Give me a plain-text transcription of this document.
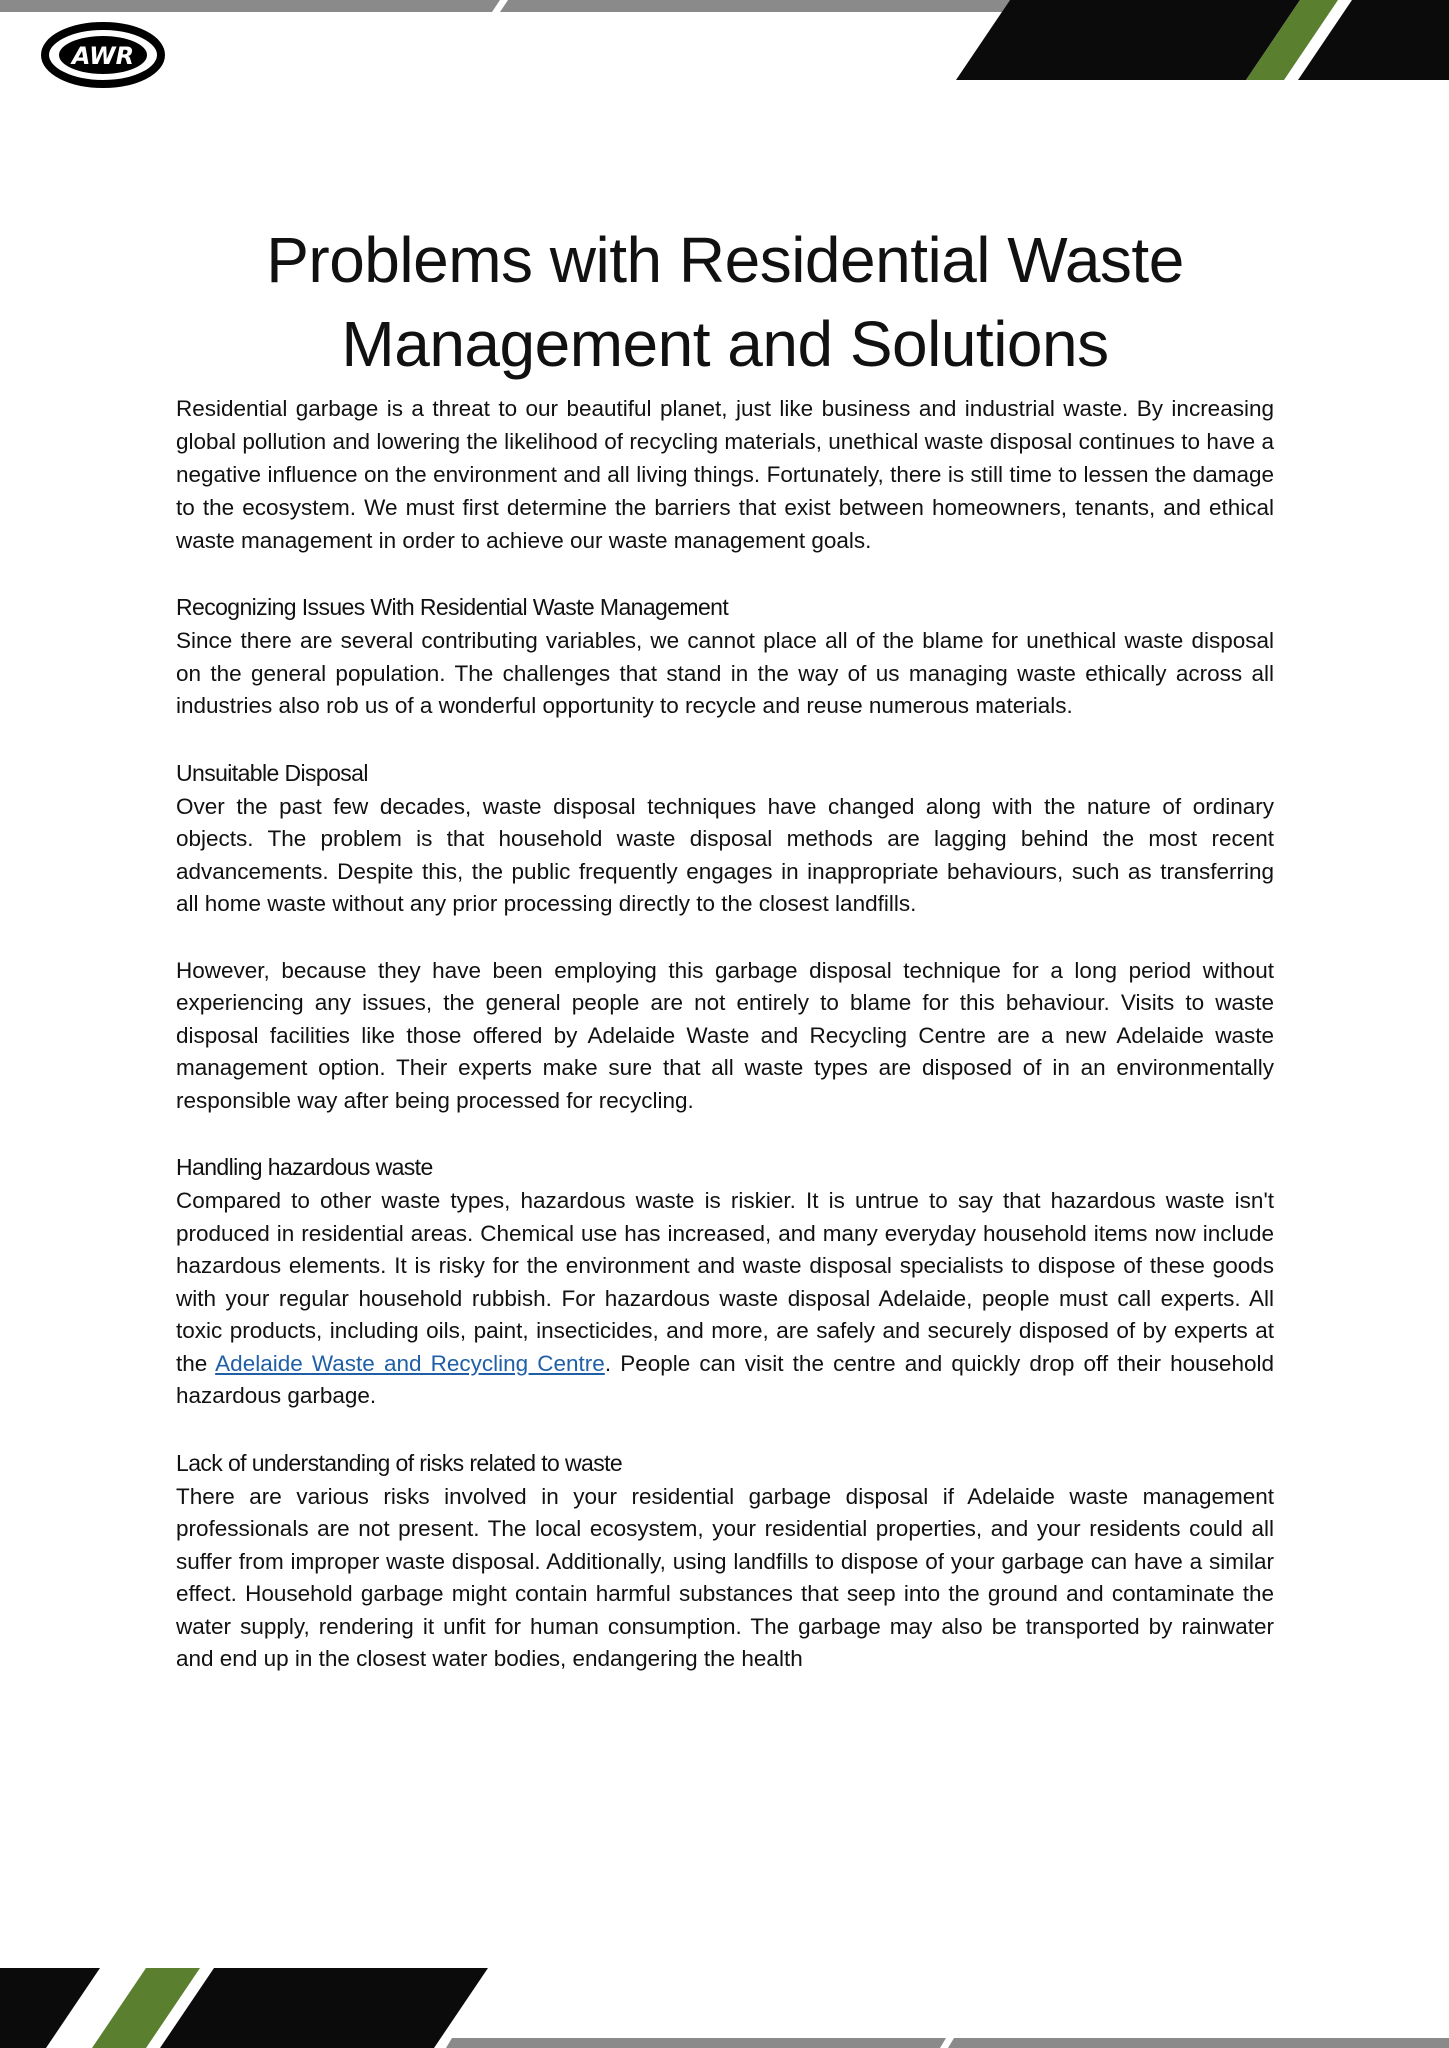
AWR
Problems with Residential Waste Management and Solutions

Residential garbage is a threat to our beautiful planet, just like business and industrial waste. By increasing global pollution and lowering the likelihood of recycling materials, unethical waste disposal continues to have a negative influence on the environment and all living things. Fortunately, there is still time to lessen the damage to the ecosystem. We must first determine the barriers that exist between homeowners, tenants, and ethical waste management in order to achieve our waste management goals.

Recognizing Issues With Residential Waste Management

Since there are several contributing variables, we cannot place all of the blame for unethical waste disposal on the general population. The challenges that stand in the way of us managing waste ethically across all industries also rob us of a wonderful opportunity to recycle and reuse numerous materials.

Unsuitable Disposal

Over the past few decades, waste disposal techniques have changed along with the nature of ordinary objects. The problem is that household waste disposal methods are lagging behind the most recent advancements. Despite this, the public frequently engages in inappropriate behaviours, such as transferring all home waste without any prior processing directly to the closest landfills.

However, because they have been employing this garbage disposal technique for a long period without experiencing any issues, the general people are not entirely to blame for this behaviour. Visits to waste disposal facilities like those offered by Adelaide Waste and Recycling Centre are a new Adelaide waste management option. Their experts make sure that all waste types are disposed of in an environmentally responsible way after being processed for recycling.

Handling hazardous waste

Compared to other waste types, hazardous waste is riskier. It is untrue to say that hazardous waste isn't produced in residential areas. Chemical use has increased, and many everyday household items now include hazardous elements. It is risky for the environment and waste disposal specialists to dispose of these goods with your regular household rubbish. For hazardous waste disposal Adelaide, people must call experts. All toxic products, including oils, paint, insecticides, and more, are safely and securely disposed of by experts at the Adelaide Waste and Recycling Centre. People can visit the centre and quickly drop off their household hazardous garbage.

Lack of understanding of risks related to waste

There are various risks involved in your residential garbage disposal if Adelaide waste management professionals are not present. The local ecosystem, your residential properties, and your residents could all suffer from improper waste disposal. Additionally, using landfills to dispose of your garbage can have a similar effect. Household garbage might contain harmful substances that seep into the ground and contaminate the water supply, rendering it unfit for human consumption. The garbage may also be transported by rainwater and end up in the closest water bodies, endangering the health
